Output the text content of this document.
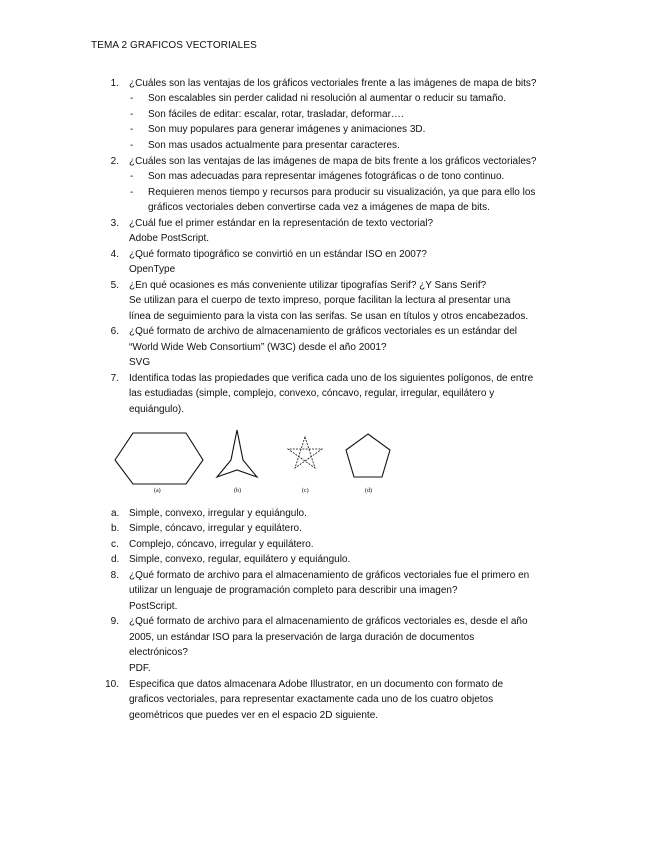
TEMA 2 GRAFICOS VECTORIALES
1. ¿Cuáles son las ventajas de los gráficos vectoriales frente a las imágenes de mapa de bits?
- Son escalables sin perder calidad ni resolución al aumentar o reducir su tamaño.
- Son fáciles de editar: escalar, rotar, trasladar, deformar….
- Son muy populares para generar imágenes y animaciones 3D.
- Son mas usados actualmente para presentar caracteres.
2. ¿Cuáles son las ventajas de las imágenes de mapa de bits frente a los gráficos vectoriales?
- Son mas adecuadas para representar imágenes fotográficas o de tono continuo.
- Requieren menos tiempo y recursos para producir su visualización, ya que para ello los
gráficos vectoriales deben convertirse cada vez a imágenes de mapa de bits.
3. ¿Cuál fue el primer estándar en la representación de texto vectorial?
Adobe PostScript.
4. ¿Qué formato tipográfico se convirtió en un estándar ISO en 2007?
OpenType
5. ¿En qué ocasiones es más conveniente utilizar tipografías Serif? ¿Y Sans Serif?
Se utilizan para el cuerpo de texto impreso, porque facilitan la lectura al presentar una
línea de seguimiento para la vista con las serifas. Se usan en títulos y otros encabezados.
6. ¿Qué formato de archivo de almacenamiento de gráficos vectoriales es un estándar del
“World Wide Web Consortium” (W3C) desde el año 2001?
SVG
7. Identifica todas las propiedades que verifica cada uno de los siguientes polígonos, de entre
las estudiadas (simple, complejo, convexo, cóncavo, regular, irregular, equilátero y
equiángulo).
(a)	(b)	(c)	(d)
a. Simple, convexo, irregular y equiángulo.
b. Simple, cóncavo, irregular y equilátero.
c. Complejo, cóncavo, irregular y equilátero.
d. Simple, convexo, regular, equilátero y equiángulo.
8. ¿Qué formato de archivo para el almacenamiento de gráficos vectoriales fue el primero en
utilizar un lenguaje de programación completo para describir una imagen?
PostScript.
9. ¿Qué formato de archivo para el almacenamiento de gráficos vectoriales es, desde el año
2005, un estándar ISO para la preservación de larga duración de documentos
electrónicos?
PDF.
10. Especifica que datos almacenara Adobe Illustrator, en un documento con formato de
graficos vectoriales, para representar exactamente cada uno de los cuatro objetos
geométricos que puedes ver en el espacio 2D siguiente.
